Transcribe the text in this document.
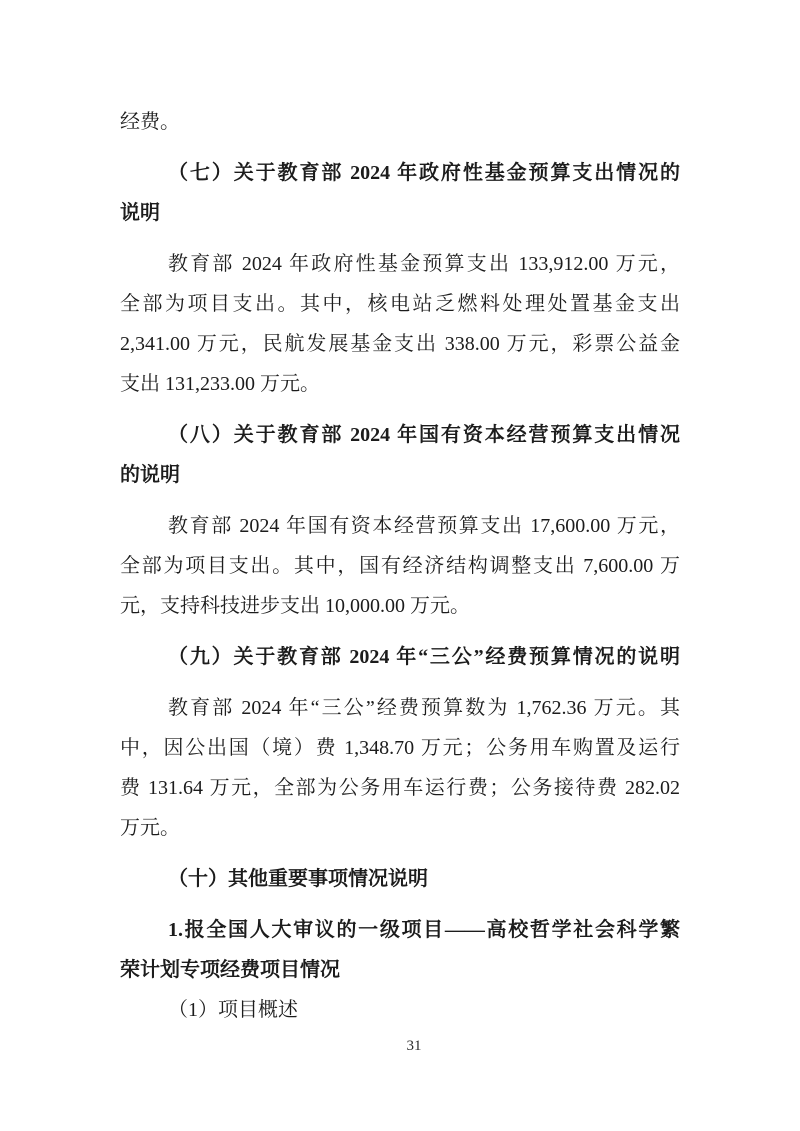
经费。
（七）关于教育部 2024 年政府性基金预算支出情况的
说明
教育部 2024 年政府性基金预算支出 133,912.00 万元，
全部为项目支出。其中，核电站乏燃料处理处置基金支出
2,341.00 万元，民航发展基金支出 338.00 万元，彩票公益金
支出 131,233.00 万元。
（八）关于教育部 2024 年国有资本经营预算支出情况
的说明
教育部 2024 年国有资本经营预算支出 17,600.00 万元，
全部为项目支出。其中，国有经济结构调整支出 7,600.00 万
元，支持科技进步支出 10,000.00 万元。
（九）关于教育部 2024 年“三公”经费预算情况的说明
教育部 2024 年“三公”经费预算数为 1,762.36 万元。其
中，因公出国（境）费 1,348.70 万元；公务用车购置及运行
费 131.64 万元，全部为公务用车运行费；公务接待费 282.02
万元。
（十）其他重要事项情况说明
1.报全国人大审议的一级项目——高校哲学社会科学繁
荣计划专项经费项目情况
（1）项目概述
31
